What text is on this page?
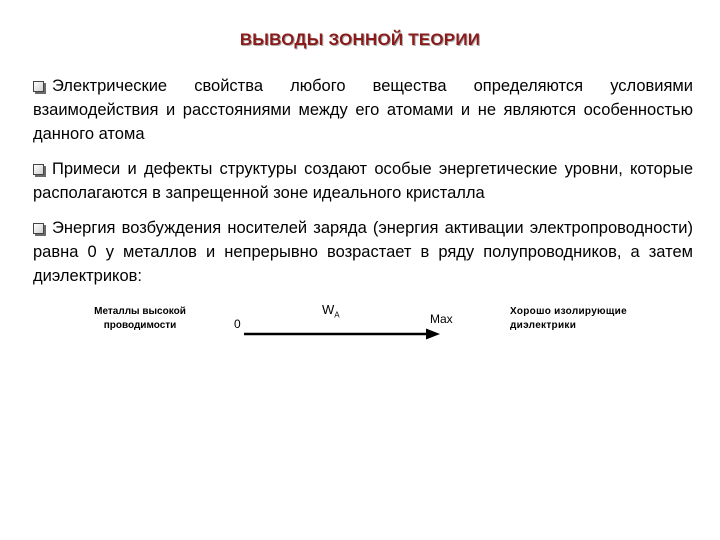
ВЫВОДЫ ЗОННОЙ ТЕОРИИ

Электрические свойства любого вещества определяются условиями взаимодействия и расстояниями между его атомами и не являются особенностью данного атома

Примеси и дефекты структуры создают особые энергетические уровни, которые располагаются в запрещенной зоне идеального кристалла

Энергия возбуждения носителей заряда (энергия активации электропроводности) равна 0 у металлов и непрерывно возрастает в ряду полупроводников, а затем диэлектриков:

Металлы высокой проводимости	0
$W_A$	Max
Хорошо изолирующие диэлектрики
